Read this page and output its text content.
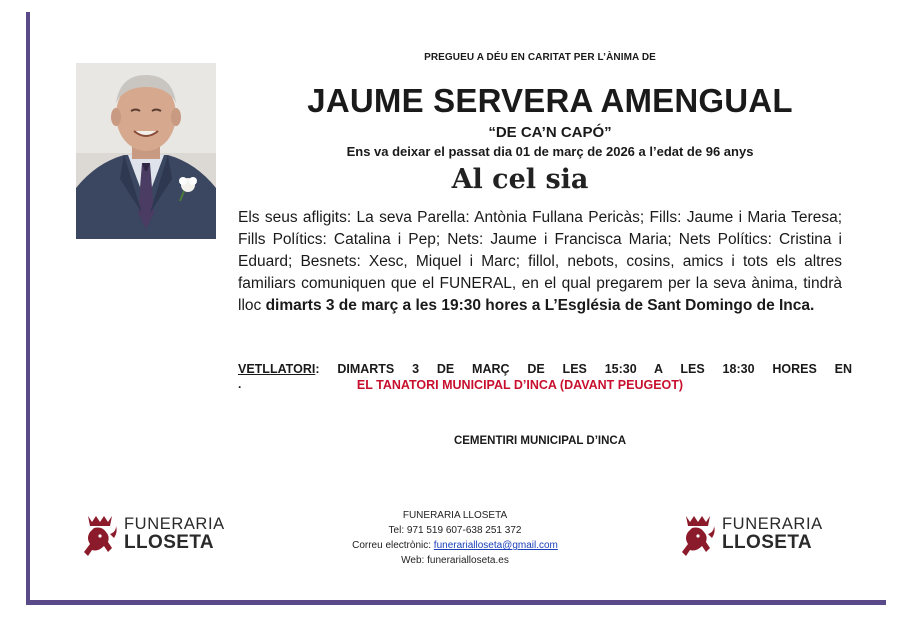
PREGUEU A DÉU EN CARITAT PER L’ÀNIMA DE
JAUME SERVERA AMENGUAL
“DE CA’N CAPÓ”
Ens va deixar el passat dia 01 de març de 2026 a l’edat de 96 anys
Al cel sia
Els seus afligits: La seva Parella: Antònia Fullana Pericàs; Fills: Jaume i Maria Teresa; Fills Polítics: Catalina i Pep; Nets: Jaume i Francisca Maria; Nets Polítics: Cristina i Eduard; Besnets: Xesc, Miquel i Marc; fillol, nebots, cosins, amics i tots els altres familiars comuniquen que el FUNERAL, en el qual pregarem per la seva ànima, tindrà lloc dimarts 3 de març a les 19:30 hores a L’Església de Sant Domingo de Inca.
VETLLATORI: DIMARTS 3 DE MARÇ DE LES 15:30 A LES 18:30 HORES EN
.	EL TANATORI MUNICIPAL D’INCA (DAVANT PEUGEOT)
CEMENTIRI MUNICIPAL D’INCA
FUNERARIA LLOSETA
Tel: 971 519 607-638 251 372
Correu electrònic: funerarialloseta@gmail.com
Web: funerarialloseta.es
FUNERARIA
LLOSETA
FUNERARIA
LLOSETA
